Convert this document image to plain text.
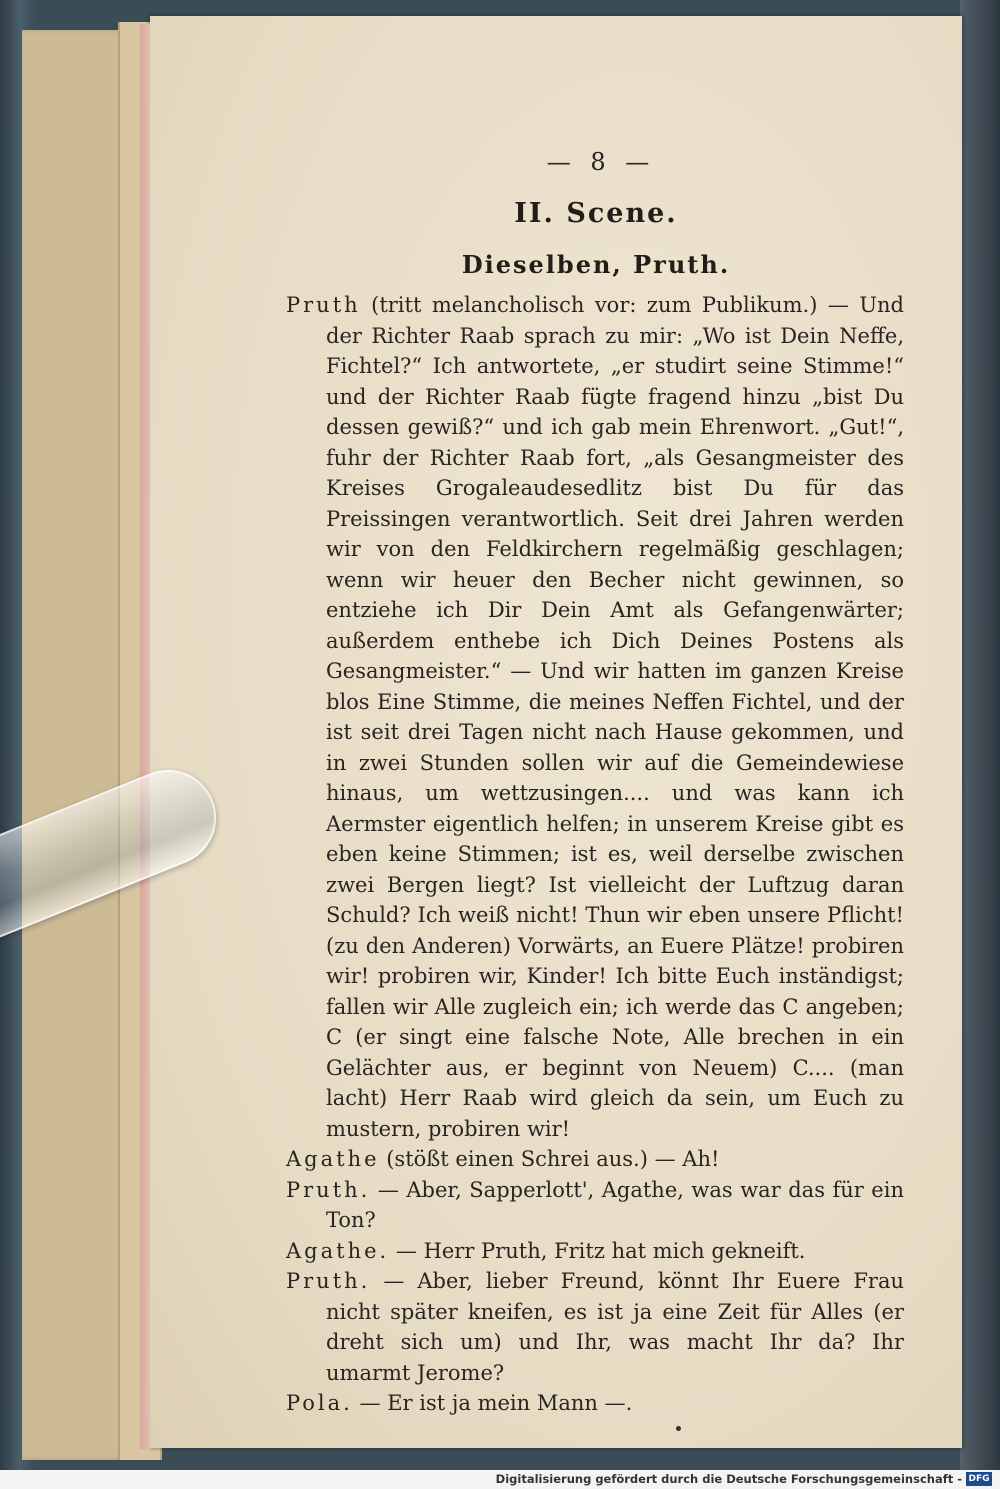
— 8 —
II. Scene.
Dieselben, Pruth.

Pruth (tritt melancholisch vor: zum Publikum.) — Und der Richter Raab sprach zu mir: „Wo ist Dein Neffe, Fichtel?“ Ich antwortete, „er studirt seine Stimme!“ und der Richter Raab fügte fragend hinzu „bist Du dessen gewiß?“ und ich gab mein Ehrenwort. „Gut!“, fuhr der Richter Raab fort, „als Gesangmeister des Kreises Grogaleaudesedlitz bist Du für das Preissingen verantwortlich. Seit drei Jahren werden wir von den Feldkirchern regelmäßig geschlagen; wenn wir heuer den Becher nicht gewinnen, so entziehe ich Dir Dein Amt als Gefangenwärter; außerdem enthebe ich Dich Deines Postens als Gesangmeister.“ — Und wir hatten im ganzen Kreise blos Eine Stimme, die meines Neffen Fichtel, und der ist seit drei Tagen nicht nach Hause gekommen, und in zwei Stunden sollen wir auf die Gemeindewiese hinaus, um wettzusingen.... und was kann ich Aermster eigentlich helfen; in unserem Kreise gibt es eben keine Stimmen; ist es, weil derselbe zwischen zwei Bergen liegt? Ist vielleicht der Luftzug daran Schuld? Ich weiß nicht! Thun wir eben unsere Pflicht! (zu den Anderen) Vorwärts, an Euere Plätze! probiren wir! probiren wir, Kinder! Ich bitte Euch inständigst; fallen wir Alle zugleich ein; ich werde das C angeben; C (er singt eine falsche Note, Alle brechen in ein Gelächter aus, er beginnt von Neuem) C.... (man lacht) Herr Raab wird gleich da sein, um Euch zu mustern, probiren wir!

Agathe (stößt einen Schrei aus.) — Ah!

Pruth. — Aber, Sapperlott', Agathe, was war das für ein Ton?

Agathe. — Herr Pruth, Fritz hat mich gekneift.

Pruth. — Aber, lieber Freund, könnt Ihr Euere Frau nicht später kneifen, es ist ja eine Zeit für Alles (er dreht sich um) und Ihr, was macht Ihr da? Ihr umarmt Jerome?

Pola. — Er ist ja mein Mann —.

Digitalisierung gefördert durch die Deutsche Forschungsgemeinschaft - DFG
